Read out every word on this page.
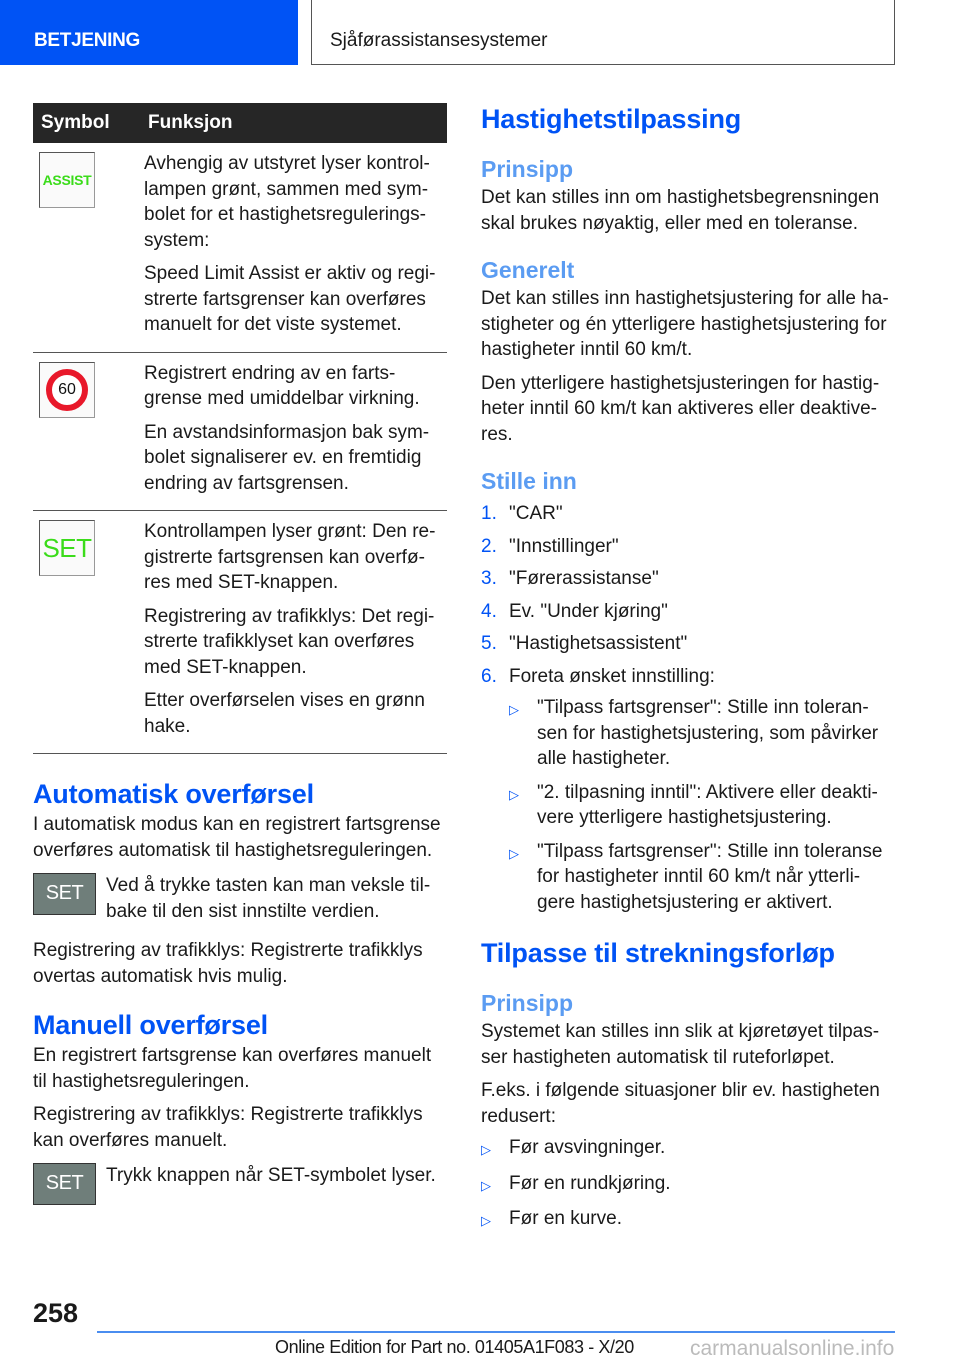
BETJENING	Sjåførassistansesystemer
Symbol	Funksjon

ASSIST	Avhengig av utstyret lyser kontrol-lampen grønt, sammen med sym-bolet for et hastighetsregulerings-system:

Speed Limit Assist er aktiv og regi-strerte fartsgrenser kan overføres manuelt for det viste systemet.

60	Registrert endring av en farts-grense med umiddelbar virkning.

En avstandsinformasjon bak sym-bolet signaliserer ev. en fremtidig endring av fartsgrensen.

SET	Kontrollampen lyser grønt: Den re-gistrerte fartsgrensen kan overfø-res med SET-knappen.

Registrering av trafikklys: Det regi-strerte trafikklyset kan overføres med SET-knappen.

Etter overførselen vises en grønn hake.

Automatisk overførsel

I automatisk modus kan en registrert fartsgrense overføres automatisk til hastighetsreguleringen.

SET Ved å trykke tasten kan man veksle til-bake til den sist innstilte verdien.

Registrering av trafikklys: Registrerte trafikklys overtas automatisk hvis mulig.

Manuell overførsel

En registrert fartsgrense kan overføres manuelt til hastighetsreguleringen.

Registrering av trafikklys: Registrerte trafikklys kan overføres manuelt.

SET Trykk knappen når SET-symbolet lyser.
Hastighetstilpassing
Prinsipp

Det kan stilles inn om hastighetsbegrensningen skal brukes nøyaktig, eller med en toleranse.

Generelt

Det kan stilles inn hastighetsjustering for alle ha-stigheter og én ytterligere hastighetsjustering for hastigheter inntil 60 km/t.

Den ytterligere hastighetsjusteringen for hastig-heter inntil 60 km/t kan aktiveres eller deaktive-res.

Stille inn
1. "CAR"
2. "Innstillinger"
3. "Førerassistanse"
4. Ev. "Under kjøring"
5. "Hastighetsassistent"
6. Foreta ønsket innstilling:
▷ "Tilpass fartsgrenser": Stille inn toleran-sen for hastighetsjustering, som påvirker alle hastigheter.
▷ "2. tilpasning inntil": Aktivere eller deakti-vere ytterligere hastighetsjustering.
▷ "Tilpass fartsgrenser": Stille inn toleranse for hastigheter inntil 60 km/t når ytterli-gere hastighetsjustering er aktivert.
Tilpasse til strekningsforløp
Prinsipp

Systemet kan stilles inn slik at kjøretøyet tilpas-ser hastigheten automatisk til ruteforløpet.

F.eks. i følgende situasjoner blir ev. hastigheten redusert:

▷ Før avsvingninger.
▷ Før en rundkjøring.
▷ Før en kurve.
258
Online Edition for Part no. 01405A1F083 - X/20	carmanualsonline.info
